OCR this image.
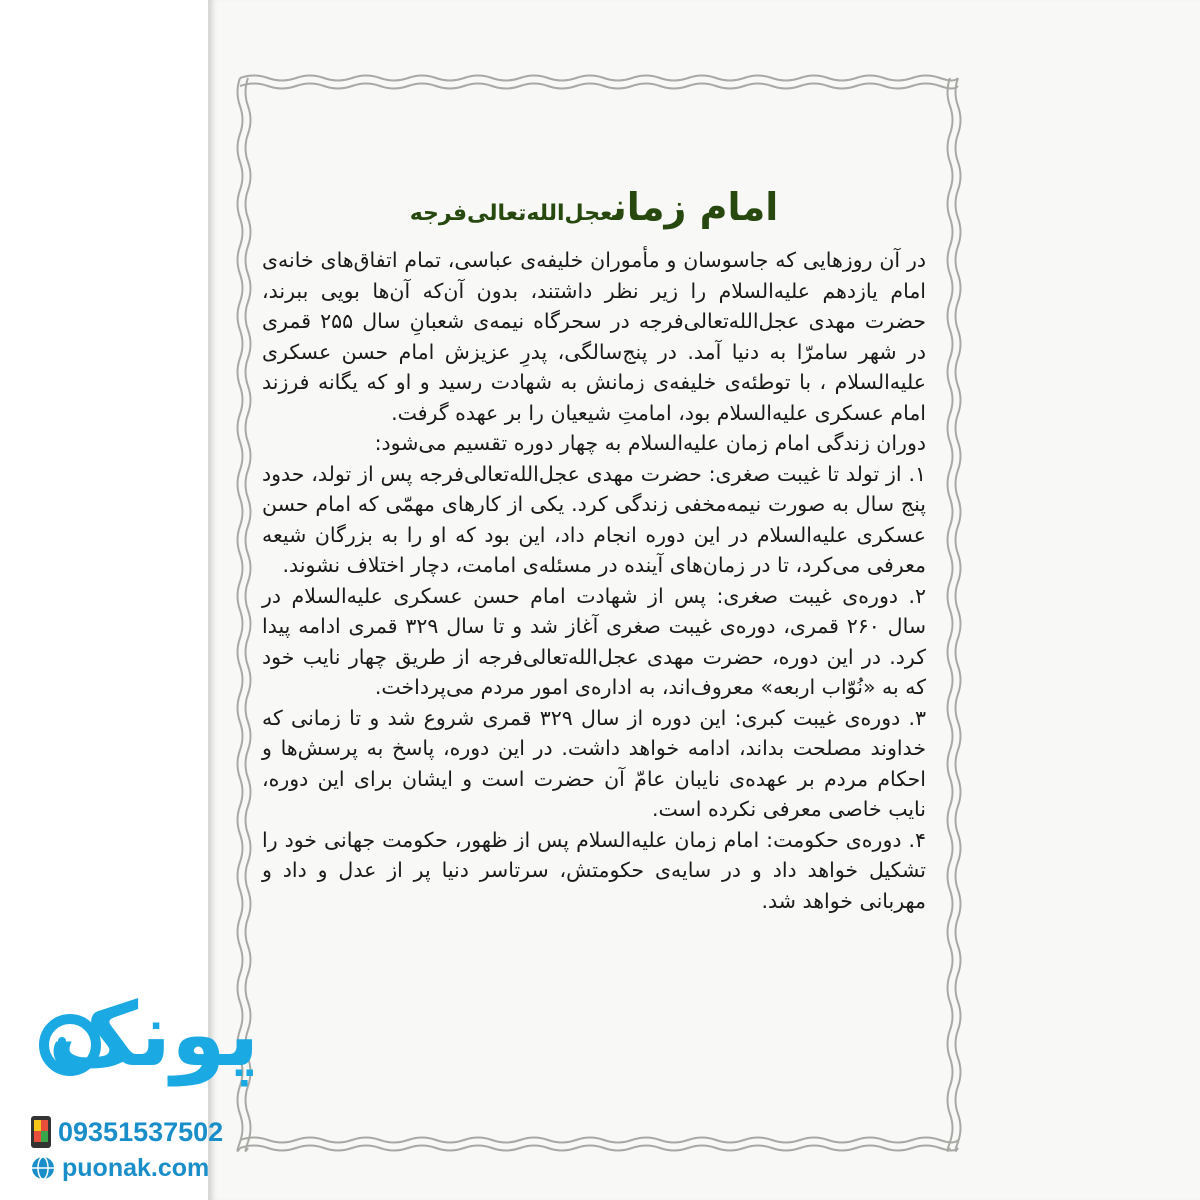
امام زمانعجل‌الله‌تعالی‌فرجه

در آن روزهایی که جاسوسان و مأموران خلیفه‌ی عباسی، تمام اتفاق‌های خانه‌ی امام یازدهم علیه‌السلام را زیر نظر داشتند، بدون آن‌که آن‌ها بویی ببرند، حضرت مهدی عجل‌الله‌تعالی‌فرجه در سحرگاه نیمه‌ی شعبانِ سال ۲۵۵ قمری در شهر سامرّا به دنیا آمد. در پنج‌سالگی، پدرِ عزیزش امام حسن عسکری علیه‌السلام ، با توطئه‌ی خلیفه‌ی زمانش به شهادت رسید و او که یگانه فرزند امام عسکری علیه‌السلام بود، امامتِ شیعیان را بر عهده گرفت.

دوران زندگی امام زمان علیه‌السلام به چهار دوره تقسیم می‌شود:

۱. از تولد تا غیبت صغری: حضرت مهدی عجل‌الله‌تعالی‌فرجه پس از تولد، حدود پنج سال به صورت نیمه‌مخفی زندگی کرد. یکی از کارهای مهمّی که امام حسن عسکری علیه‌السلام در این دوره انجام داد، این بود که او را به بزرگان شیعه معرفی می‌کرد، تا در زمان‌های آینده در مسئله‌ی امامت، دچار اختلاف نشوند.

۲. دوره‌ی غیبت صغری: پس از شهادت امام حسن عسکری علیه‌السلام در سال ۲۶۰ قمری، دوره‌ی غیبت صغری آغاز شد و تا سال ۳۲۹ قمری ادامه پیدا کرد. در این دوره، حضرت مهدی عجل‌الله‌تعالی‌فرجه از طریق چهار نایب خود که به «نُوّاب اربعه» معروف‌اند، به اداره‌ی امور مردم می‌پرداخت.

۳. دوره‌ی غیبت کبری: این دوره از سال ۳۲۹ قمری شروع شد و تا زمانی که خداوند مصلحت بداند، ادامه خواهد داشت. در این دوره، پاسخ به پرسش‌ها و احکام مردم بر عهده‌ی نایبان عامّ آن حضرت است و ایشان برای این دوره، نایب خاصی معرفی نکرده است.

۴. دوره‌ی حکومت: امام زمان علیه‌السلام پس از ظهور، حکومت جهانی خود را تشکیل خواهد داد و در سایه‌ی حکومتش، سرتاسر دنیا پر از عدل و داد و مهربانی خواهد شد.

پونک
09351537502
puonak.com
